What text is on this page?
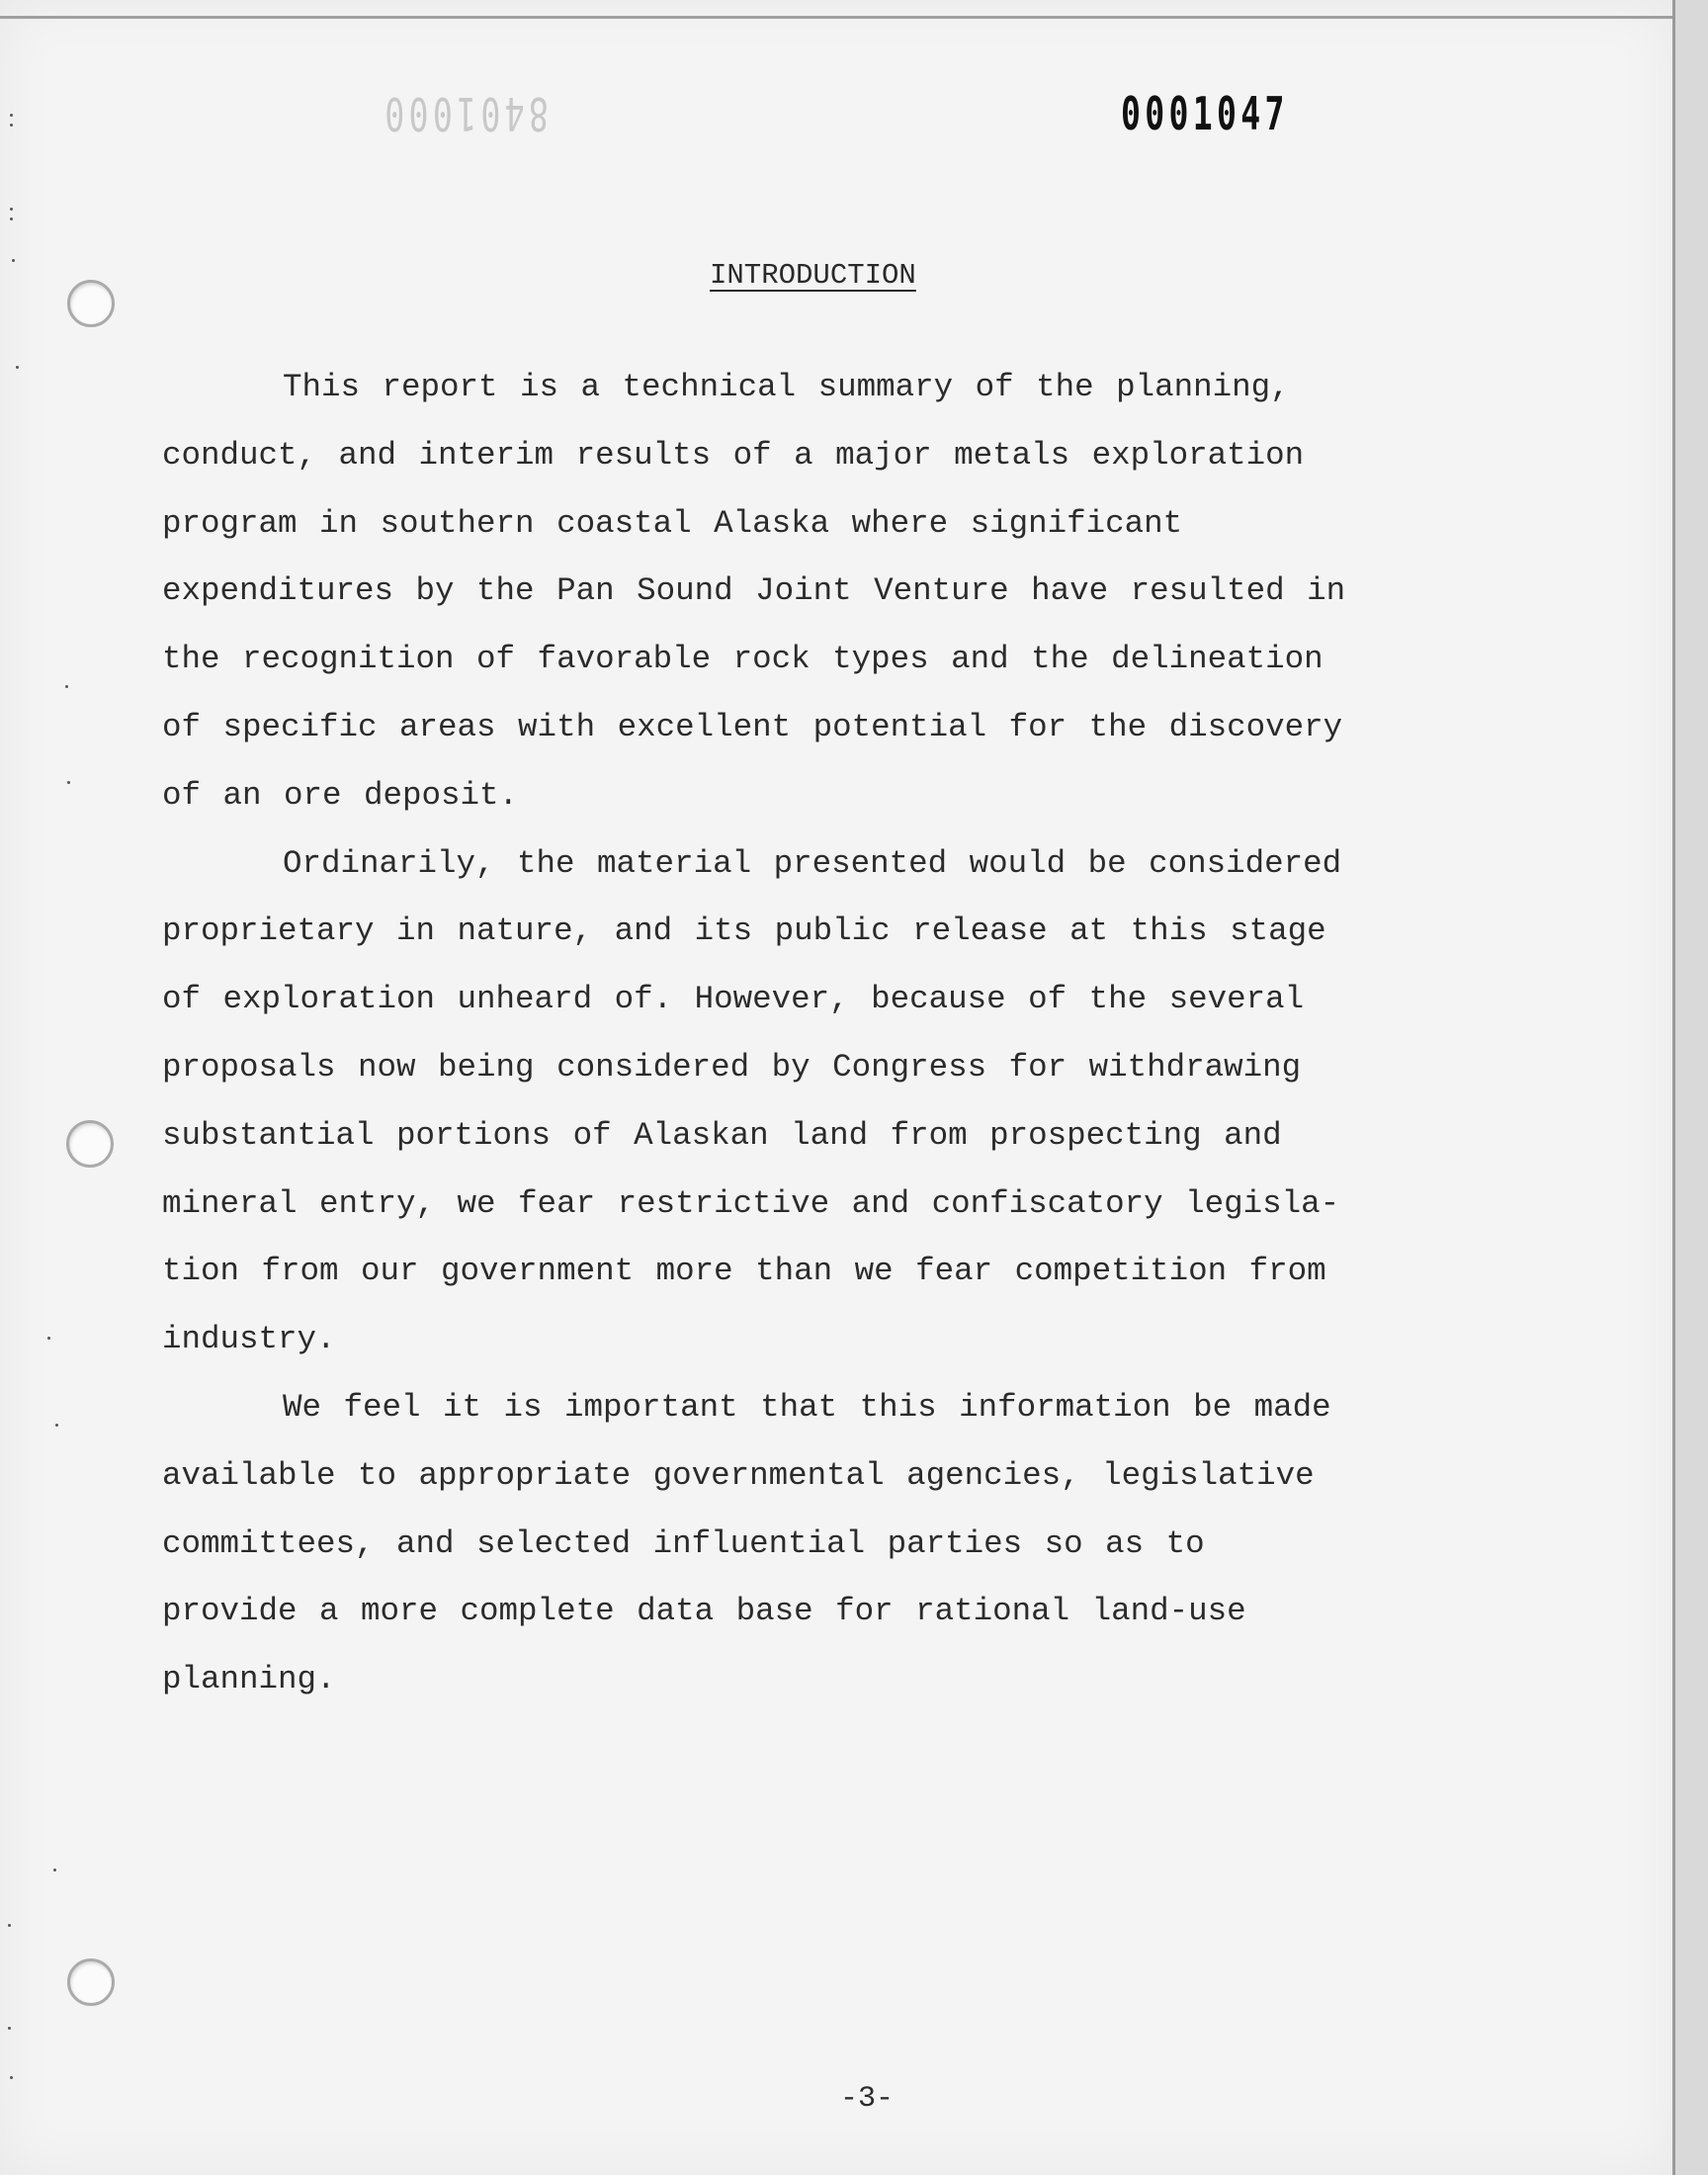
8401000	0001047
INTRODUCTION
This report is a technical summary of the planning,
conduct, and interim results of a major metals exploration
program in southern coastal Alaska where significant
expenditures by the Pan Sound Joint Venture have resulted in
the recognition of favorable rock types and the delineation
of specific areas with excellent potential for the discovery
of an ore deposit.
Ordinarily, the material presented would be considered
proprietary in nature, and its public release at this stage
of exploration unheard of. However, because of the several
proposals now being considered by Congress for withdrawing
substantial portions of Alaskan land from prospecting and
mineral entry, we fear restrictive and confiscatory legisla-
tion from our government more than we fear competition from
industry.
We feel it is important that this information be made
available to appropriate governmental agencies, legislative
committees, and selected influential parties so as to
provide a more complete data base for rational land-use
planning.
-3-
